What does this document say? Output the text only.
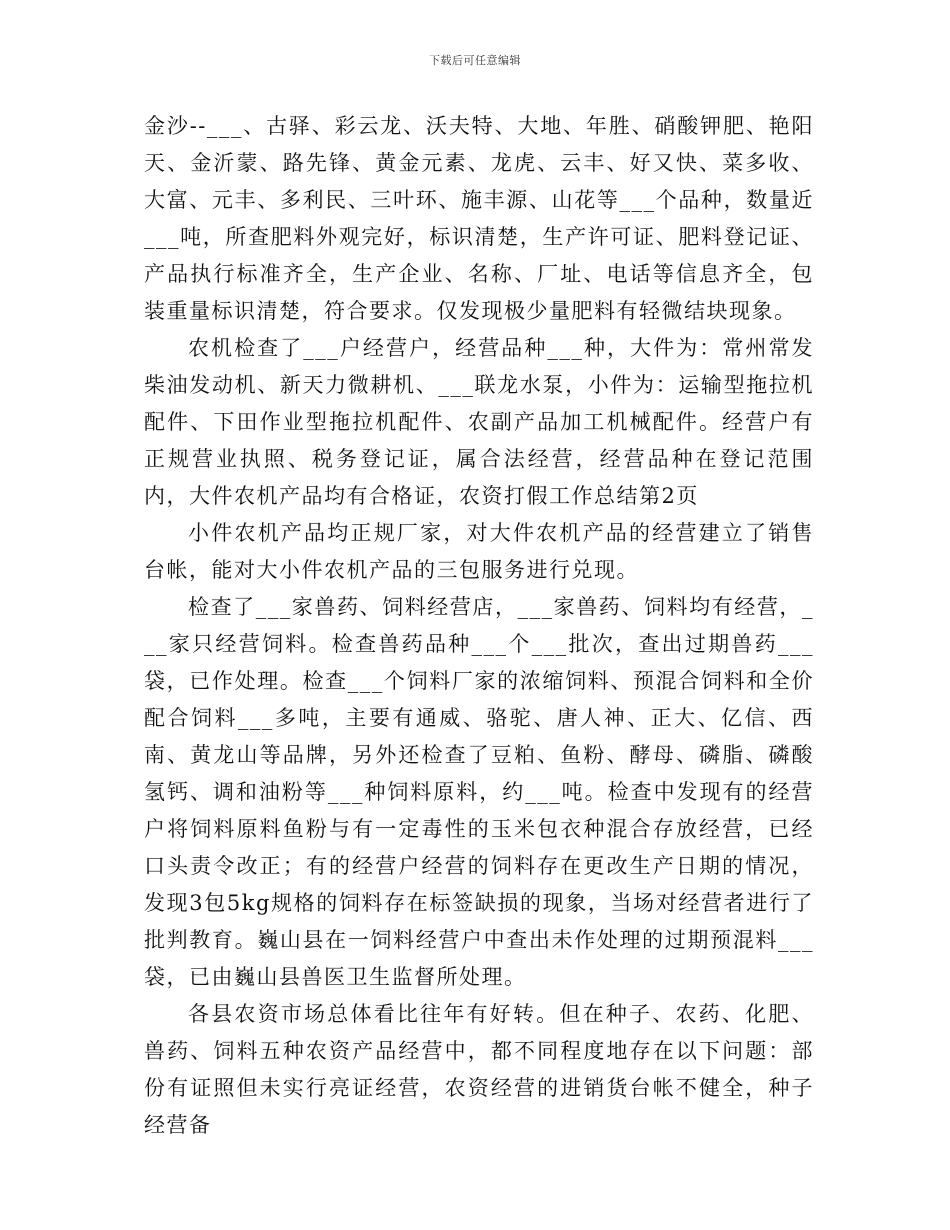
下载后可任意编辑

金沙--___、古驿、彩云龙、沃夫特、大地、年胜、硝酸钾肥、艳阳天、金沂蒙、路先锋、黄金元素、龙虎、云丰、好又快、菜多收、大富、元丰、多利民、三叶环、施丰源、山花等___个品种，数量近___吨，所查肥料外观完好，标识清楚，生产许可证、肥料登记证、产品执行标准齐全，生产企业、名称、厂址、电话等信息齐全，包装重量标识清楚，符合要求。仅发现极少量肥料有轻微结块现象。

农机检查了___户经营户，经营品种___种，大件为：常州常发柴油发动机、新天力微耕机、___联龙水泵，小件为：运输型拖拉机配件、下田作业型拖拉机配件、农副产品加工机械配件。经营户有正规营业执照、税务登记证，属合法经营，经营品种在登记范围内，大件农机产品均有合格证，农资打假工作总结第2页

小件农机产品均正规厂家，对大件农机产品的经营建立了销售台帐，能对大小件农机产品的三包服务进行兑现。

检查了___家兽药、饲料经营店，___家兽药、饲料均有经营，___家只经营饲料。检查兽药品种___个___批次，查出过期兽药___袋，已作处理。检查___个饲料厂家的浓缩饲料、预混合饲料和全价配合饲料___多吨，主要有通威、骆驼、唐人神、正大、亿信、西南、黄龙山等品牌，另外还检查了豆粕、鱼粉、酵母、磷脂、磷酸氢钙、调和油粉等___种饲料原料，约___吨。检查中发现有的经营户将饲料原料鱼粉与有一定毒性的玉米包衣种混合存放经营，已经口头责令改正；有的经营户经营的饲料存在更改生产日期的情况，发现3包5kg规格的饲料存在标签缺损的现象，当场对经营者进行了批判教育。巍山县在一饲料经营户中查出未作处理的过期预混料___袋，已由巍山县兽医卫生监督所处理。

各县农资市场总体看比往年有好转。但在种子、农药、化肥、兽药、饲料五种农资产品经营中，都不同程度地存在以下问题：部份有证照但未实行亮证经营，农资经营的进销货台帐不健全，种子经营备
